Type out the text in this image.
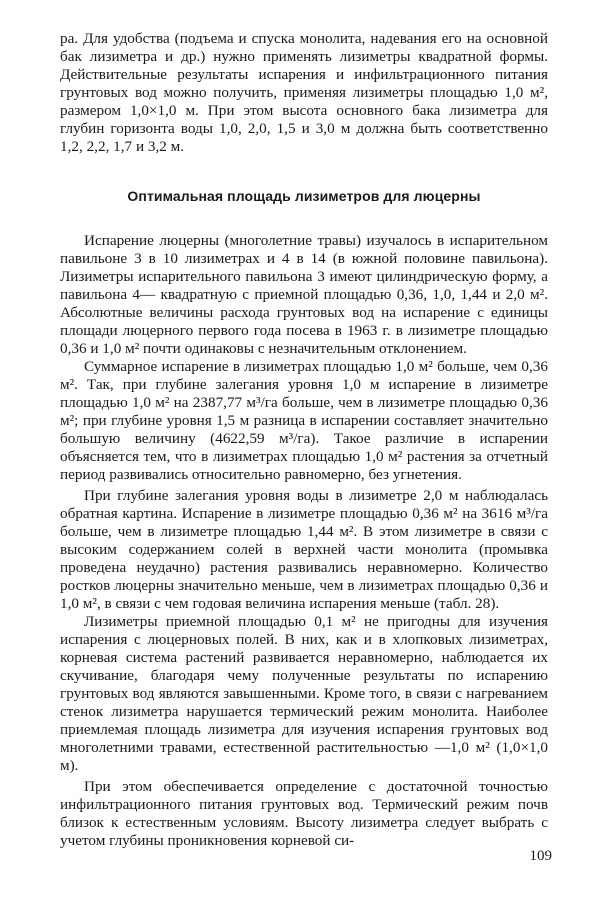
ра. Для удобства (подъема и спуска монолита, надевания его на основной бак лизиметра и др.) нужно применять лизиметры квадратной формы. Действительные результаты испарения и инфильтрационного питания грунтовых вод можно получить, применяя лизиметры площадью 1,0 м², размером 1,0×1,0 м. При этом высота основного бака лизиметра для глубин горизонта воды 1,0, 2,0, 1,5 и 3,0 м должна быть соответственно 1,2, 2,2, 1,7 и 3,2 м.

Оптимальная площадь лизиметров для люцерны

Испарение люцерны (многолетние травы) изучалось в испарительном павильоне 3 в 10 лизиметрах и 4 в 14 (в южной половине павильона). Лизиметры испарительного павильона 3 имеют цилиндрическую форму, а павильона 4— квадратную с приемной площадью 0,36, 1,0, 1,44 и 2,0 м². Абсолютные величины расхода грунтовых вод на испарение с единицы площади люцерного первого года посева в 1963 г. в лизиметре площадью 0,36 и 1,0 м² почти одинаковы с незначительным отклонением.

Суммарное испарение в лизиметрах площадью 1,0 м² больше, чем 0,36 м². Так, при глубине залегания уровня 1,0 м испарение в лизиметре площадью 1,0 м² на 2387,77 м³/га больше, чем в лизиметре площадью 0,36 м²; при глубине уровня 1,5 м разница в испарении составляет значительно большую величину (4622,59 м³/га). Такое различие в испарении объясняется тем, что в лизиметрах площадью 1,0 м² растения за отчетный период развивались относительно равномерно, без угнетения.

При глубине залегания уровня воды в лизиметре 2,0 м наблюдалась обратная картина. Испарение в лизиметре площадью 0,36 м² на 3616 м³/га больше, чем в лизиметре площадью 1,44 м². В этом лизиметре в связи с высоким содержанием солей в верхней части монолита (промывка проведена неудачно) растения развивались неравномерно. Количество ростков люцерны значительно меньше, чем в лизиметрах площадью 0,36 и 1,0 м², в связи с чем годовая величина испарения меньше (табл. 28).

Лизиметры приемной площадью 0,1 м² не пригодны для изучения испарения с люцерновых полей. В них, как и в хлопковых лизиметрах, корневая система растений развивается неравномерно, наблюдается их скучивание, благодаря чему полученные результаты по испарению грунтовых вод являются завышенными. Кроме того, в связи с нагреванием стенок лизиметра нарушается термический режим монолита. Наиболее приемлемая площадь лизиметра для изучения испарения грунтовых вод многолетними травами, естественной растительностью —1,0 м² (1,0×1,0 м).

При этом обеспечивается определение с достаточной точностью инфильтрационного питания грунтовых вод. Термический режим почв близок к естественным условиям. Высоту лизиметра следует выбрать с учетом глубины проникновения корневой си-

109
